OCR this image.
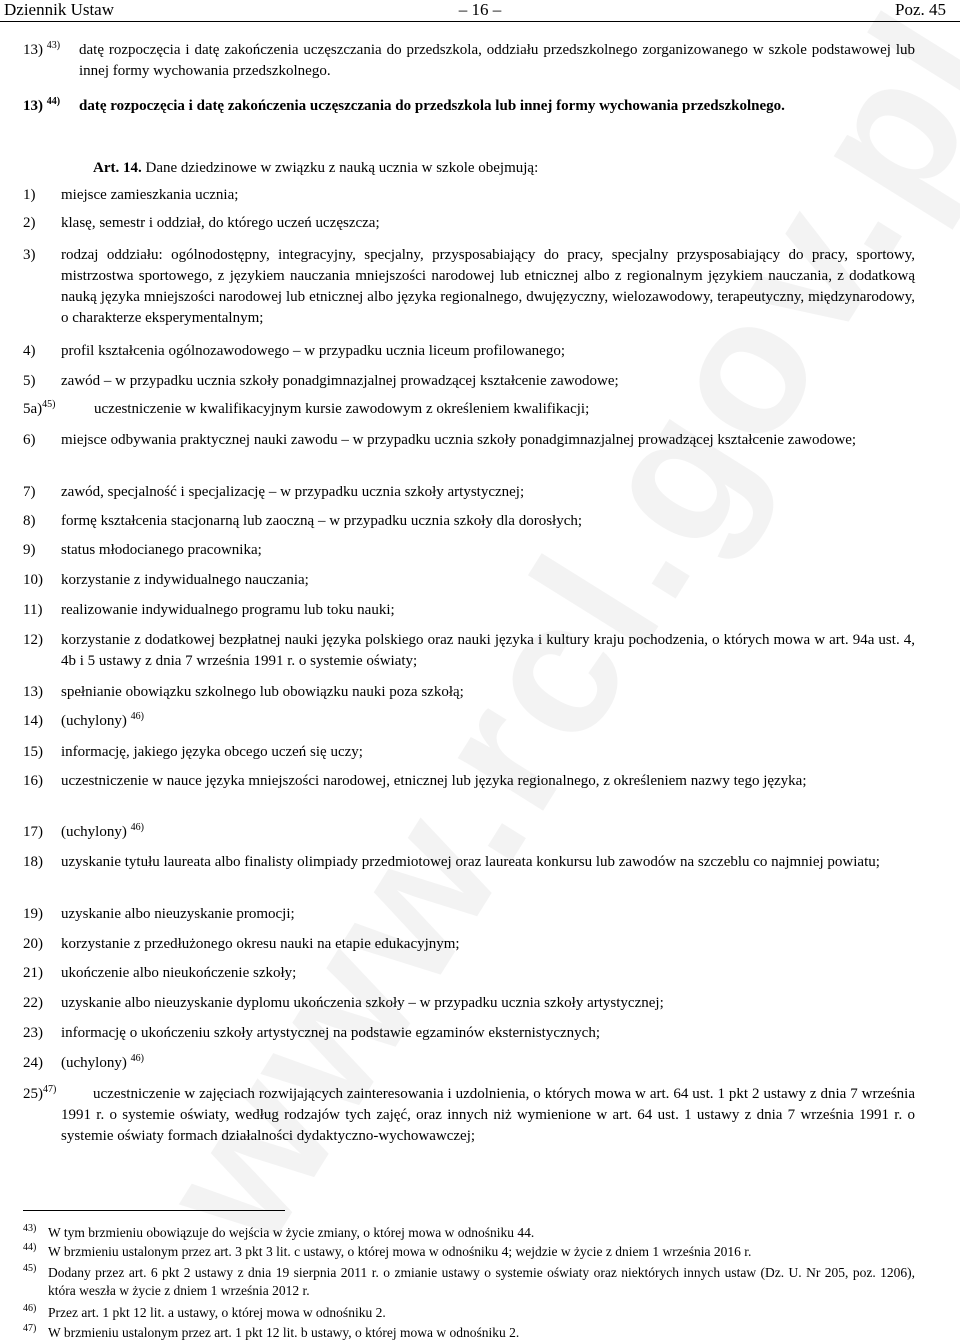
Dziennik Ustaw	– 16 –	Poz. 45
13) $^{43)}$ datę rozpoczęcia i datę zakończenia uczęszczania do przedszkola, oddziału przedszkolnego zorganizowanego w szkole podstawowej lub innej formy wychowania przedszkolnego.
13) $^{44)}$ datę rozpoczęcia i datę zakończenia uczęszczania do przedszkola lub innej formy wychowania przedszkolnego.
Art. 14. Dane dziedzinowe w związku z nauką ucznia w szkole obejmują:
1) miejsce zamieszkania ucznia;
2) klasę, semestr i oddział, do którego uczeń uczęszcza;
3) rodzaj oddziału: ogólnodostępny, integracyjny, specjalny, przysposabiający do pracy, specjalny przysposabiający do pracy, sportowy, mistrzostwa sportowego, z językiem nauczania mniejszości narodowej lub etnicznej albo z regionalnym językiem nauczania, z dodatkową nauką języka mniejszości narodowej lub etnicznej albo języka regionalnego, dwujęzyczny, wielozawodowy, terapeutyczny, międzynarodowy, o charakterze eksperymentalnym;
4) profil kształcenia ogólnozawodowego – w przypadku ucznia liceum profilowanego;
5) zawód – w przypadku ucznia szkoły ponadgimnazjalnej prowadzącej kształcenie zawodowe;
5a)$^{45)}$	uczestniczenie w kwalifikacyjnym kursie zawodowym z określeniem kwalifikacji;
6) miejsce odbywania praktycznej nauki zawodu – w przypadku ucznia szkoły ponadgimnazjalnej prowadzącej kształcenie zawodowe;
7) zawód, specjalność i specjalizację – w przypadku ucznia szkoły artystycznej;
8) formę kształcenia stacjonarną lub zaoczną – w przypadku ucznia szkoły dla dorosłych;
9) status młodocianego pracownika;
10) korzystanie z indywidualnego nauczania;
11) realizowanie indywidualnego programu lub toku nauki;
12) korzystanie z dodatkowej bezpłatnej nauki języka polskiego oraz nauki języka i kultury kraju pochodzenia, o których mowa w art. 94a ust. 4, 4b i 5 ustawy z dnia 7 września 1991 r. o systemie oświaty;
13) spełnianie obowiązku szkolnego lub obowiązku nauki poza szkołą;
14) (uchylony) $^{46)}$
15) informację, jakiego języka obcego uczeń się uczy;
16) uczestniczenie w nauce języka mniejszości narodowej, etnicznej lub języka regionalnego, z określeniem nazwy tego języka;
17) (uchylony) $^{46)}$
18) uzyskanie tytułu laureata albo finalisty olimpiady przedmiotowej oraz laureata konkursu lub zawodów na szczeblu co najmniej powiatu;
19) uzyskanie albo nieuzyskanie promocji;
20) korzystanie z przedłużonego okresu nauki na etapie edukacyjnym;
21) ukończenie albo nieukończenie szkoły;
22) uzyskanie albo nieuzyskanie dyplomu ukończenia szkoły – w przypadku ucznia szkoły artystycznej;
23) informację o ukończeniu szkoły artystycznej na podstawie egzaminów eksternistycznych;
24) (uchylony) $^{46)}$
25)$^{47)}$	uczestniczenie w zajęciach rozwijających zainteresowania i uzdolnienia, o których mowa w art. 64 ust. 1 pkt 2 ustawy z dnia 7 września 1991 r. o systemie oświaty, według rodzajów tych zajęć, oraz innych niż wymienione w art. 64 ust. 1 ustawy z dnia 7 września 1991 r. o systemie oświaty formach działalności dydaktyczno-wychowawczej;
43) W tym brzmieniu obowiązuje do wejścia w życie zmiany, o której mowa w odnośniku 44.
44) W brzmieniu ustalonym przez art. 3 pkt 3 lit. c ustawy, o której mowa w odnośniku 4; wejdzie w życie z dniem 1 września 2016 r.
45) Dodany przez art. 6 pkt 2 ustawy z dnia 19 sierpnia 2011 r. o zmianie ustawy o systemie oświaty oraz niektórych innych ustaw (Dz. U. Nr 205, poz. 1206), która weszła w życie z dniem 1 września 2012 r.
46) Przez art. 1 pkt 12 lit. a ustawy, o której mowa w odnośniku 2.
47) W brzmieniu ustalonym przez art. 1 pkt 12 lit. b ustawy, o której mowa w odnośniku 2.
